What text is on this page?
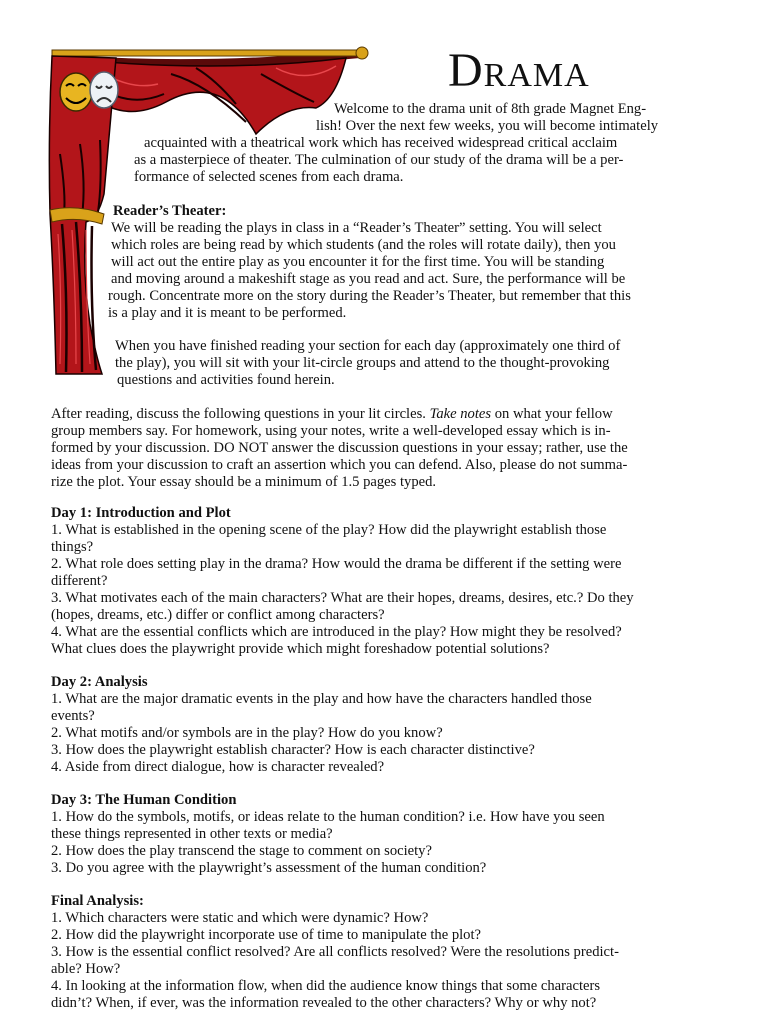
Drama
Welcome to the drama unit of 8th grade Magnet Eng-
lish! Over the next few weeks, you will become intimately
acquainted with a theatrical work which has received widespread critical acclaim
as a masterpiece of theater. The culmination of our study of the drama will be a per-
formance of selected scenes from each drama.
Reader’s Theater:
We will be reading the plays in class in a “Reader’s Theater” setting. You will select
which roles are being read by which students (and the roles will rotate daily), then you
will act out the entire play as you encounter it for the first time. You will be standing
and moving around a makeshift stage as you read and act. Sure, the performance will be
rough. Concentrate more on the story during the Reader’s Theater, but remember that this
is a play and it is meant to be performed.
When you have finished reading your section for each day (approximately one third of
the play), you will sit with your lit-circle groups and attend to the thought-provoking
questions and activities found herein.
After reading, discuss the following questions in your lit circles. Take notes on what your fellow
group members say. For homework, using your notes, write a well-developed essay which is in-
formed by your discussion. DO NOT answer the discussion questions in your essay; rather, use the
ideas from your discussion to craft an assertion which you can defend. Also, please do not summa-
rize the plot. Your essay should be a minimum of 1.5 pages typed.
Day 1: Introduction and Plot
1. What is established in the opening scene of the play? How did the playwright establish those
things?
2. What role does setting play in the drama? How would the drama be different if the setting were
different?
3. What motivates each of the main characters? What are their hopes, dreams, desires, etc.? Do they
(hopes, dreams, etc.) differ or conflict among characters?
4. What are the essential conflicts which are introduced in the play? How might they be resolved?
What clues does the playwright provide which might foreshadow potential solutions?
Day 2: Analysis
1. What are the major dramatic events in the play and how have the characters handled those
events?
2. What motifs and/or symbols are in the play? How do you know?
3. How does the playwright establish character? How is each character distinctive?
4. Aside from direct dialogue, how is character revealed?
Day 3: The Human Condition
1. How do the symbols, motifs, or ideas relate to the human condition? i.e. How have you seen
these things represented in other texts or media?
2. How does the play transcend the stage to comment on society?
3. Do you agree with the playwright’s assessment of the human condition?
Final Analysis:
1. Which characters were static and which were dynamic? How?
2. How did the playwright incorporate use of time to manipulate the plot?
3. How is the essential conflict resolved? Are all conflicts resolved? Were the resolutions predict-
able? How?
4. In looking at the information flow, when did the audience know things that some characters
didn’t? When, if ever, was the information revealed to the other characters? Why or why not?
